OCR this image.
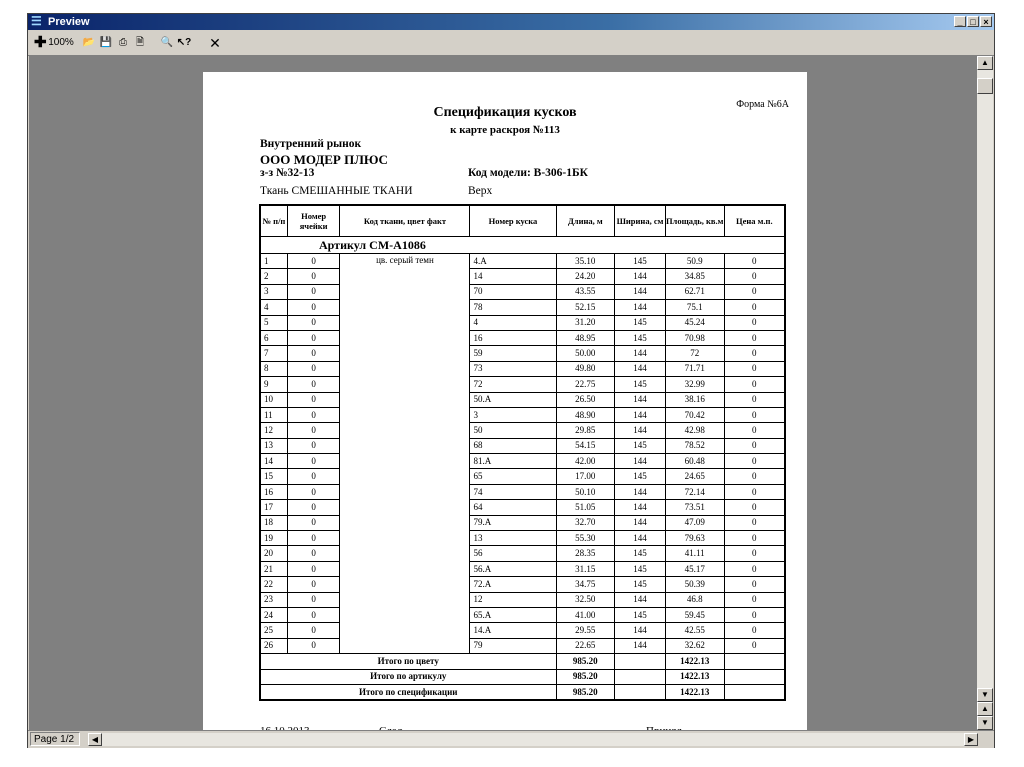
☰ Preview	_ □ ×
✚ 100% 📂 💾 ⎙ 🗎 🔍 ↖? ✕
Форма №6А
Спецификация кусков
к карте раскроя №113
Внутренний рынок
ООО МОДЕР ПЛЮС
з-з №32-13	Код модели: В-306-1БК
Ткань СМЕШАННЫЕ ТКАНИ	Верх
№ п/п	Номер ячейки	Код ткани, цвет факт	Номер куска	Длина, м	Ширина, см	Площадь, кв.м	Цена м.п.
Артикул СМ-А1086							
1	0	цв. серый темн	4.А	35.10	145	50.9	0
2	0		14	24.20	144	34.85	0
3	0		70	43.55	144	62.71	0
4	0		78	52.15	144	75.1	0
5	0		4	31.20	145	45.24	0
6	0		16	48.95	145	70.98	0
7	0		59	50.00	144	72	0
8	0		73	49.80	144	71.71	0
9	0		72	22.75	145	32.99	0
10	0		50.А	26.50	144	38.16	0
11	0		3	48.90	144	70.42	0
12	0		50	29.85	144	42.98	0
13	0		68	54.15	145	78.52	0
14	0		81.А	42.00	144	60.48	0
15	0		65	17.00	145	24.65	0
16	0		74	50.10	144	72.14	0
17	0		64	51.05	144	73.51	0
18	0		79.А	32.70	144	47.09	0
19	0		13	55.30	144	79.63	0
20	0		56	28.35	145	41.11	0
21	0		56.А	31.15	145	45.17	0
22	0		72.А	34.75	145	50.39	0
23	0		12	32.50	144	46.8	0
24	0		65.А	41.00	145	59.45	0
25	0		14.А	29.55	144	42.55	0
26	0		79	22.65	144	32.62	0
Итого по цвету				985.20		1422.13	
Итого по артикулу				985.20		1422.13	
Итого по спецификации				985.20		1422.13	
▲
▼
▲
▼
Page 1/2	◀	▶
